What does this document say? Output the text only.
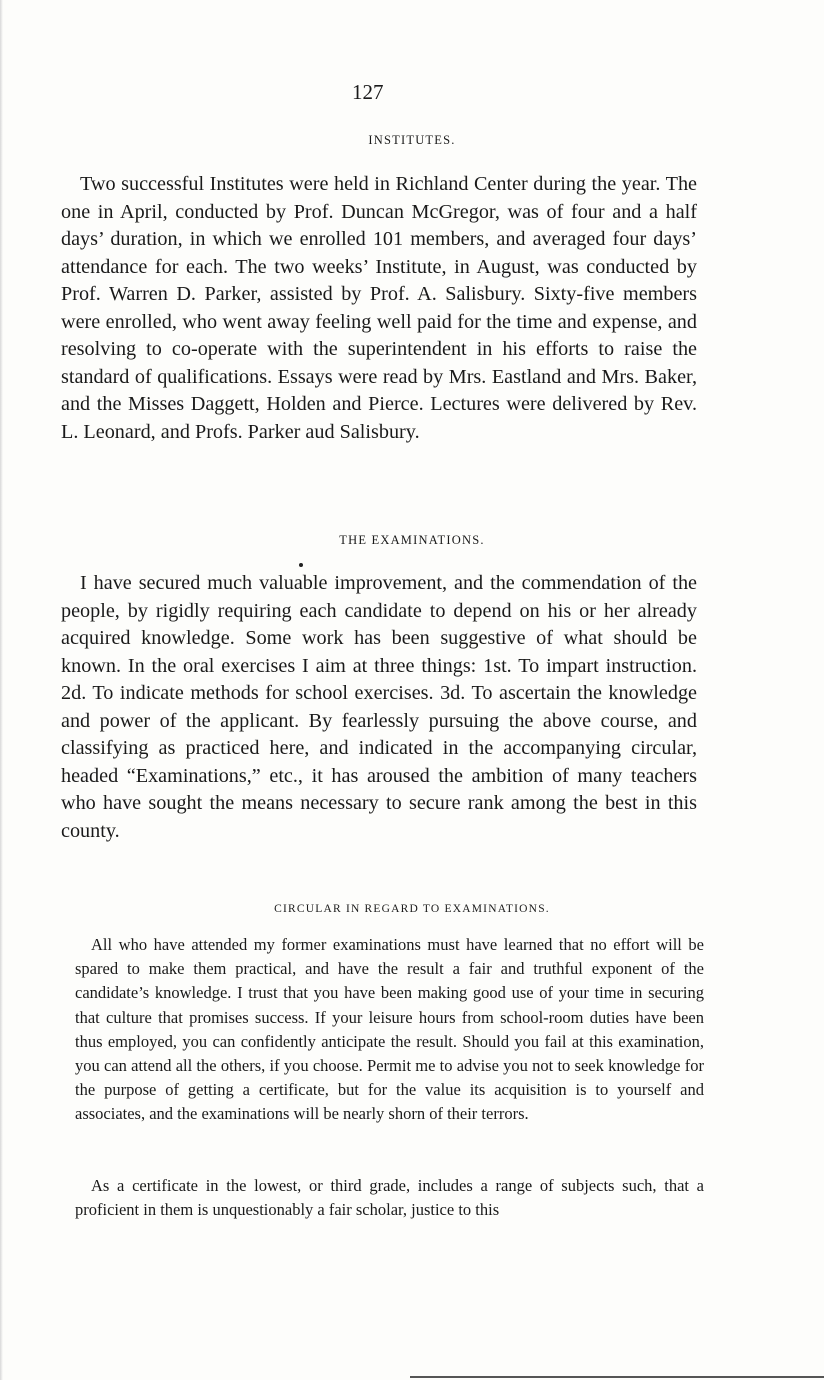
127

INSTITUTES.

Two successful Institutes were held in Richland Center during the year. The one in April, conducted by Prof. Duncan McGregor, was of four and a half days’ duration, in which we enrolled 101 members, and averaged four days’ attendance for each. The two weeks’ Institute, in August, was conducted by Prof. Warren D. Parker, assisted by Prof. A. Salisbury. Sixty-five members were enrolled, who went away feeling well paid for the time and expense, and resolving to co-operate with the superintendent in his efforts to raise the standard of qualifications. Essays were read by Mrs. Eastland and Mrs. Baker, and the Misses Daggett, Holden and Pierce. Lectures were delivered by Rev. L. Leonard, and Profs. Parker aud Salisbury.

THE EXAMINATIONS.

I have secured much valuable improvement, and the commendation of the people, by rigidly requiring each candidate to depend on his or her already acquired knowledge. Some work has been suggestive of what should be known. In the oral exercises I aim at three things: 1st. To impart instruction. 2d. To indicate methods for school exercises. 3d. To ascertain the knowledge and power of the applicant. By fearlessly pursuing the above course, and classifying as practiced here, and indicated in the accompanying circular, headed “Examinations,” etc., it has aroused the ambition of many teachers who have sought the means necessary to secure rank among the best in this county.

CIRCULAR IN REGARD TO EXAMINATIONS.

All who have attended my former examinations must have learned that no effort will be spared to make them practical, and have the result a fair and truthful exponent of the candidate’s knowledge. I trust that you have been making good use of your time in securing that culture that promises success. If your leisure hours from school-room duties have been thus employed, you can confidently anticipate the result. Should you fail at this examination, you can attend all the others, if you choose. Permit me to advise you not to seek knowledge for the purpose of getting a certificate, but for the value its acquisition is to yourself and associates, and the examinations will be nearly shorn of their terrors.

As a certificate in the lowest, or third grade, includes a range of subjects such, that a proficient in them is unquestionably a fair scholar, justice to this
